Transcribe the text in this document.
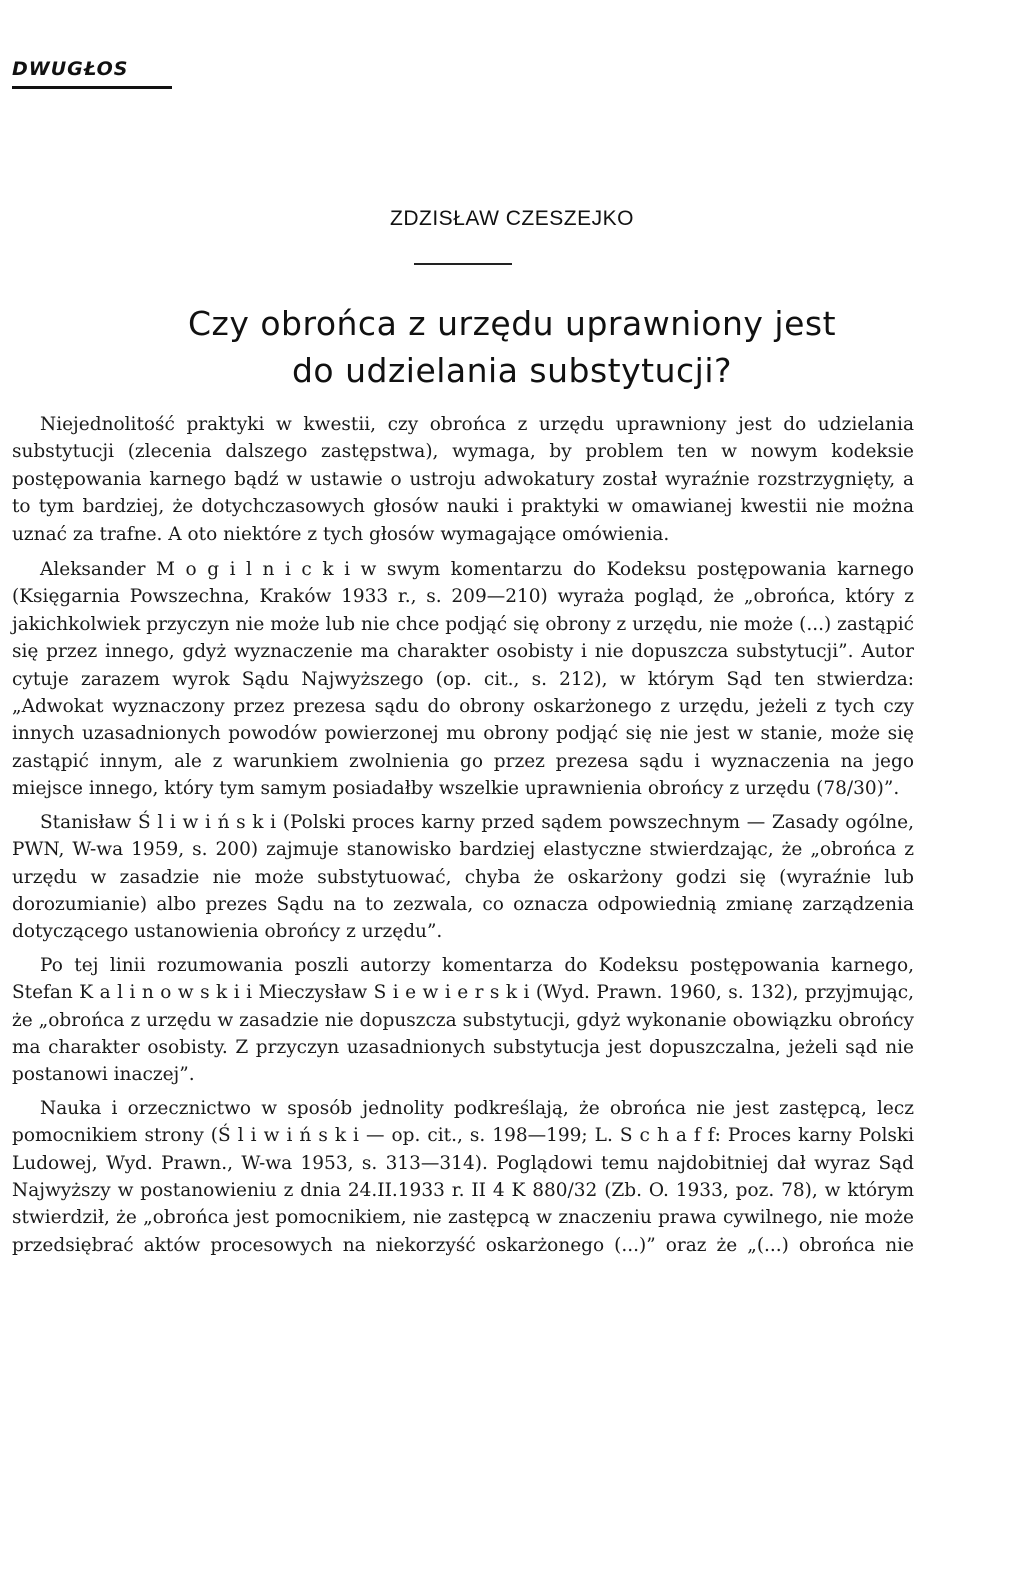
DWUGŁOS
ZDZISŁAW CZESZEJKO
Czy obrońca z urzędu uprawniony jest
do udzielania substytucji?

Niejednolitość praktyki w kwestii, czy obrońca z urzędu uprawniony jest do udzielania substytucji (zlecenia dalszego zastępstwa), wymaga, by problem ten w nowym kodeksie postępowania karnego bądź w ustawie o ustroju adwokatury został wyraźnie rozstrzygnięty, a to tym bardziej, że dotychczasowych głosów nauki i praktyki w omawianej kwestii nie można uznać za trafne. A oto niektóre z tych głosów wymagające omówienia.

Aleksander M o g i l n i c k i w swym komentarzu do Kodeksu postępowania karnego (Księgarnia Powszechna, Kraków 1933 r., s. 209—210) wyraża pogląd, że „obrońca, który z jakichkolwiek przyczyn nie może lub nie chce podjąć się obrony z urzędu, nie może (...) zastąpić się przez innego, gdyż wyznaczenie ma charakter osobisty i nie dopuszcza substytucji”. Autor cytuje zarazem wyrok Sądu Najwyższego (op. cit., s. 212), w którym Sąd ten stwierdza: „Adwokat wyznaczony przez prezesa sądu do obrony oskarżonego z urzędu, jeżeli z tych czy innych uzasadnionych powodów powierzonej mu obrony podjąć się nie jest w stanie, może się zastąpić innym, ale z warunkiem zwolnienia go przez prezesa sądu i wyznaczenia na jego miejsce innego, który tym samym posiadałby wszelkie uprawnienia obrońcy z urzędu (78/30)”.

Stanisław Ś l i w i ń s k i (Polski proces karny przed sądem powszechnym — Zasady ogólne, PWN, W-wa 1959, s. 200) zajmuje stanowisko bardziej elastyczne stwierdzając, że „obrońca z urzędu w zasadzie nie może substytuować, chyba że oskarżony godzi się (wyraźnie lub dorozumianie) albo prezes Sądu na to zezwala, co oznacza odpowiednią zmianę zarządzenia dotyczącego ustanowienia obrońcy z urzędu”.

Po tej linii rozumowania poszli autorzy komentarza do Kodeksu postępowania karnego, Stefan K a l i n o w s k i i Mieczysław S i e w i e r s k i (Wyd. Prawn. 1960, s. 132), przyjmując, że „obrońca z urzędu w zasadzie nie dopuszcza substytucji, gdyż wykonanie obowiązku obrońcy ma charakter osobisty. Z przyczyn uzasadnionych substytucja jest dopuszczalna, jeżeli sąd nie postanowi inaczej”.

Nauka i orzecznictwo w sposób jednolity podkreślają, że obrońca nie jest zastępcą, lecz pomocnikiem strony (Ś l i w i ń s k i — op. cit., s. 198—199; L. S c h a f f: Proces karny Polski Ludowej, Wyd. Prawn., W-wa 1953, s. 313—314). Poglądowi temu najdobitniej dał wyraz Sąd Najwyższy w postanowieniu z dnia 24.II.1933 r. II 4 K 880/32 (Zb. O. 1933, poz. 78), w którym stwierdził, że „obrońca jest pomocnikiem, nie zastępcą w znaczeniu prawa cywilnego, nie może przedsiębrać aktów procesowych na niekorzyść oskarżonego (...)” oraz że „(...) obrońca nie
